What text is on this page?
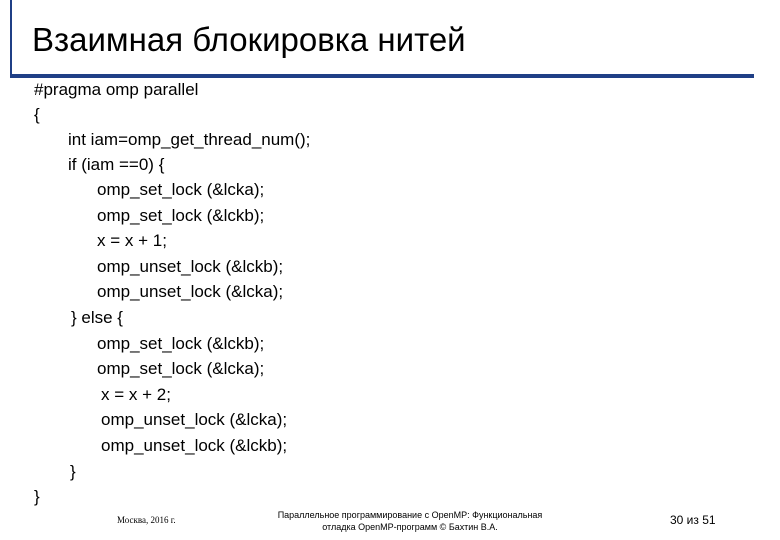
Взаимная блокировка нитей
#pragma omp parallel
{
int iam=omp_get_thread_num();
if (iam ==0) {
omp_set_lock (&lcka);
omp_set_lock (&lckb);
x = x + 1;
omp_unset_lock (&lckb);
omp_unset_lock (&lcka);
} else {
omp_set_lock (&lckb);
omp_set_lock (&lcka);
x = x + 2;
omp_unset_lock (&lcka);
omp_unset_lock (&lckb);
}
}
Москва, 2016 г.	Параллельное программирование с OpenMP: Функциональная
отладка OpenMP-программ © Бахтин В.А.	30 из 51
